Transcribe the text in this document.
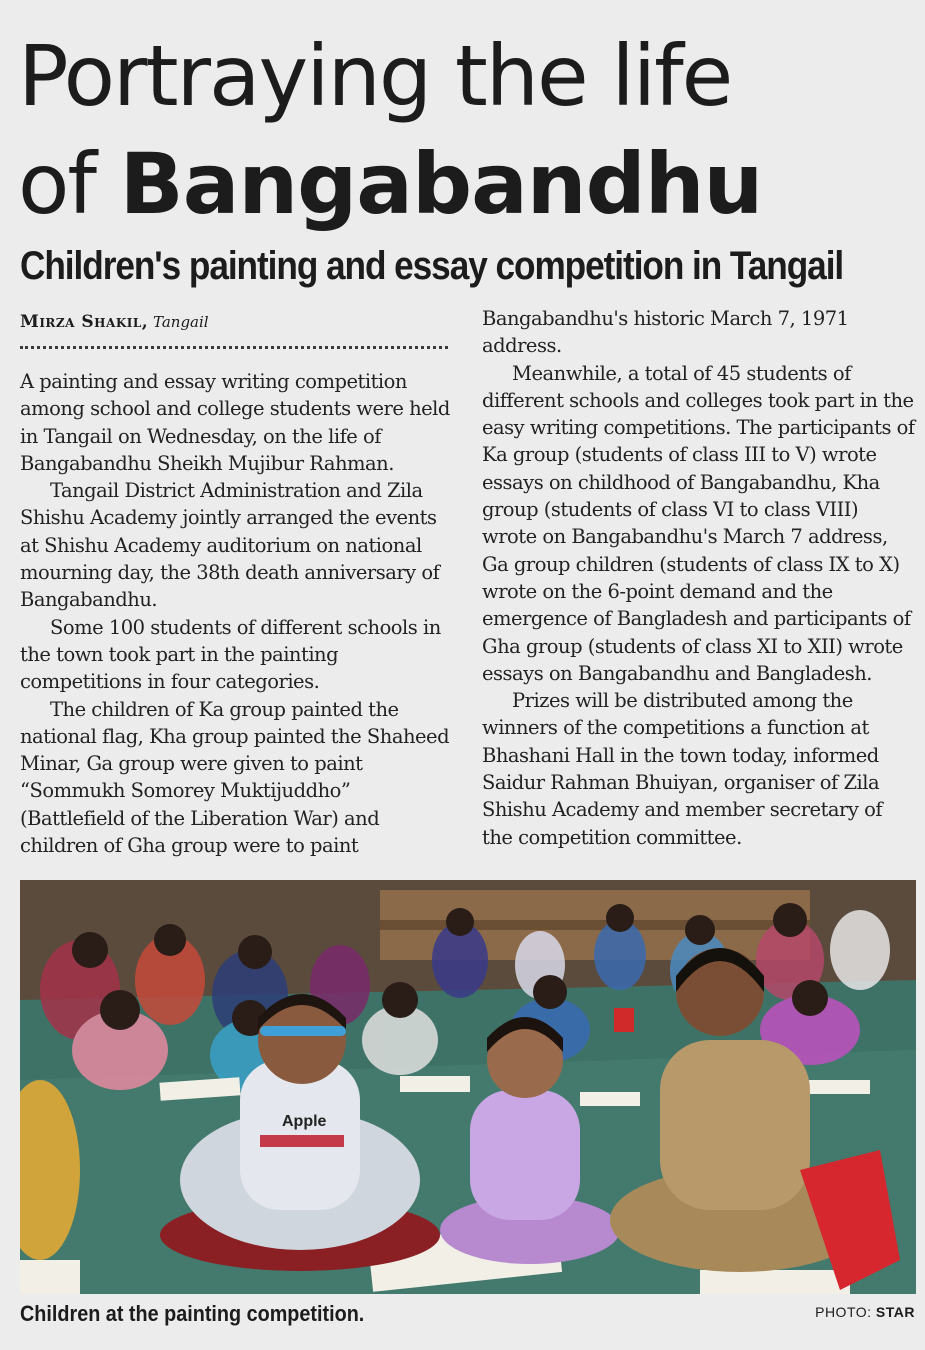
Portraying the life
of Bangabandhu
Children's painting and essay competition in Tangail
Mirza Shakil, Tangail

A painting and essay writing competition among school and college students were held in Tangail on Wednesday, on the life of Bangabandhu Sheikh Mujibur Rahman.

Tangail District Administration and Zila Shishu Academy jointly arranged the events at Shishu Academy auditorium on national mourning day, the 38th death anniversary of Bangabandhu.

Some 100 students of different schools in the town took part in the painting competitions in four categories.

The children of Ka group painted the national flag, Kha group painted the Shaheed Minar, Ga group were given to paint “Sommukh Somorey Muktijuddho” (Battlefield of the Liberation War) and children of Gha group were to paint

Bangabandhu's historic March 7, 1971 address.

Meanwhile, a total of 45 students of different schools and colleges took part in the easy writing competitions. The participants of Ka group (students of class III to V) wrote essays on childhood of Bangabandhu, Kha group (students of class VI to class VIII) wrote on Bangabandhu's March 7 address, Ga group children (students of class IX to X) wrote on the 6-point demand and the emergence of Bangladesh and participants of Gha group (students of class XI to XII) wrote essays on Bangabandhu and Bangladesh.

Prizes will be distributed among the winners of the competitions a function at Bhashani Hall in the town today, informed Saidur Rahman Bhuiyan, organiser of Zila Shishu Academy and member secretary of the competition committee.

Apple
Children at the painting competition.	PHOTO: STAR
